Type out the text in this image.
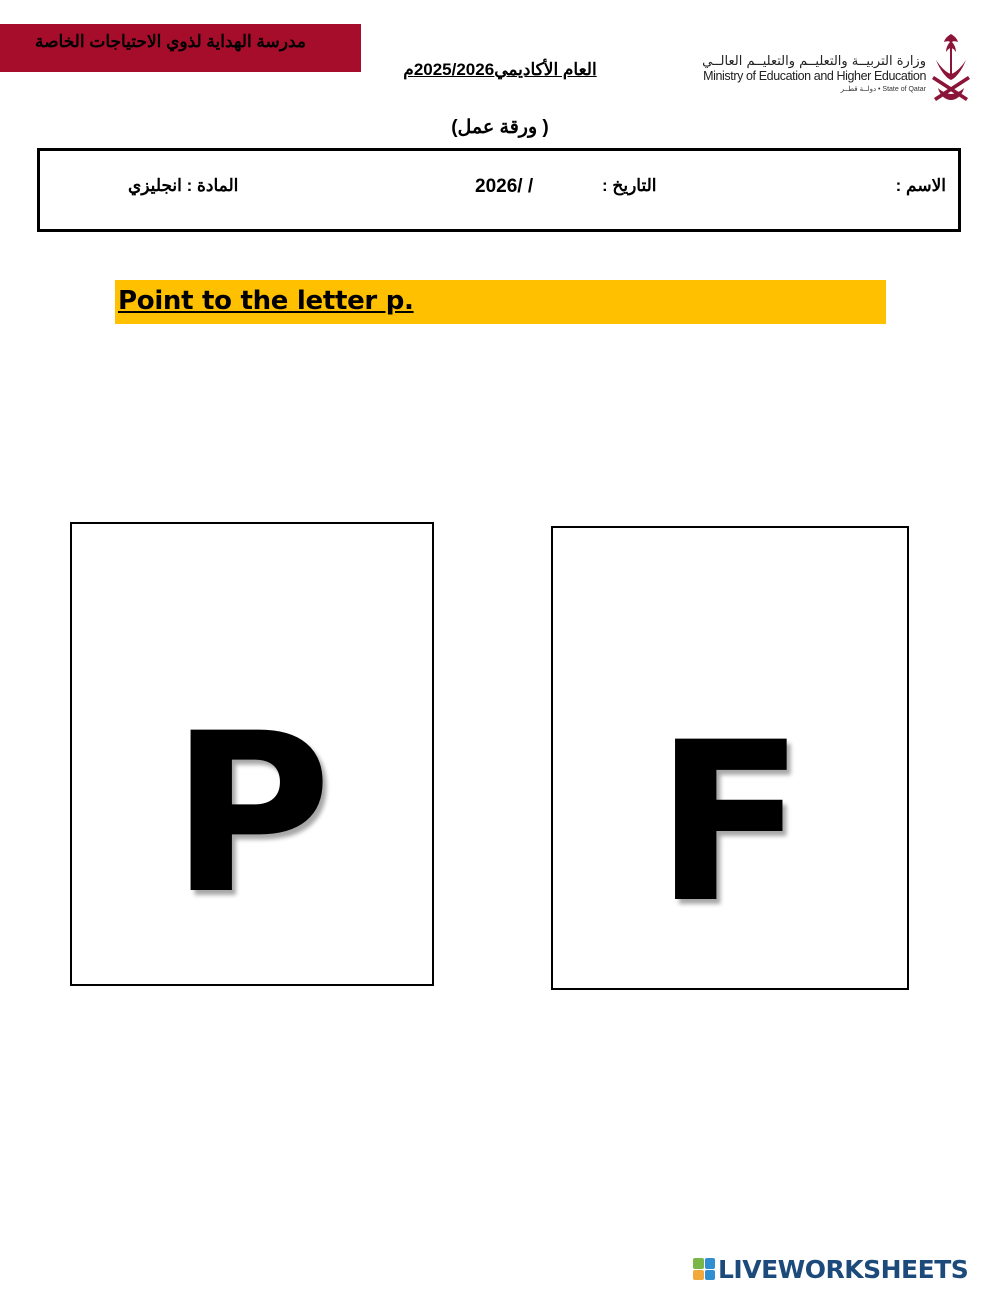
مدرسة الهداية لذوي الاحتياجات الخاصة
العام الأكاديمي2025/2026م	وزارة التربيــة والتعليــم والتعليــم العالــي
Ministry of Education and Higher Education
State of Qatar • دولــة قطــر
( ورقة عمل)
الاسم :
التاريخ :
2026/ /
المادة : انجليزي
Point to the letter p.
P	F
LIVEWORKSHEETS
